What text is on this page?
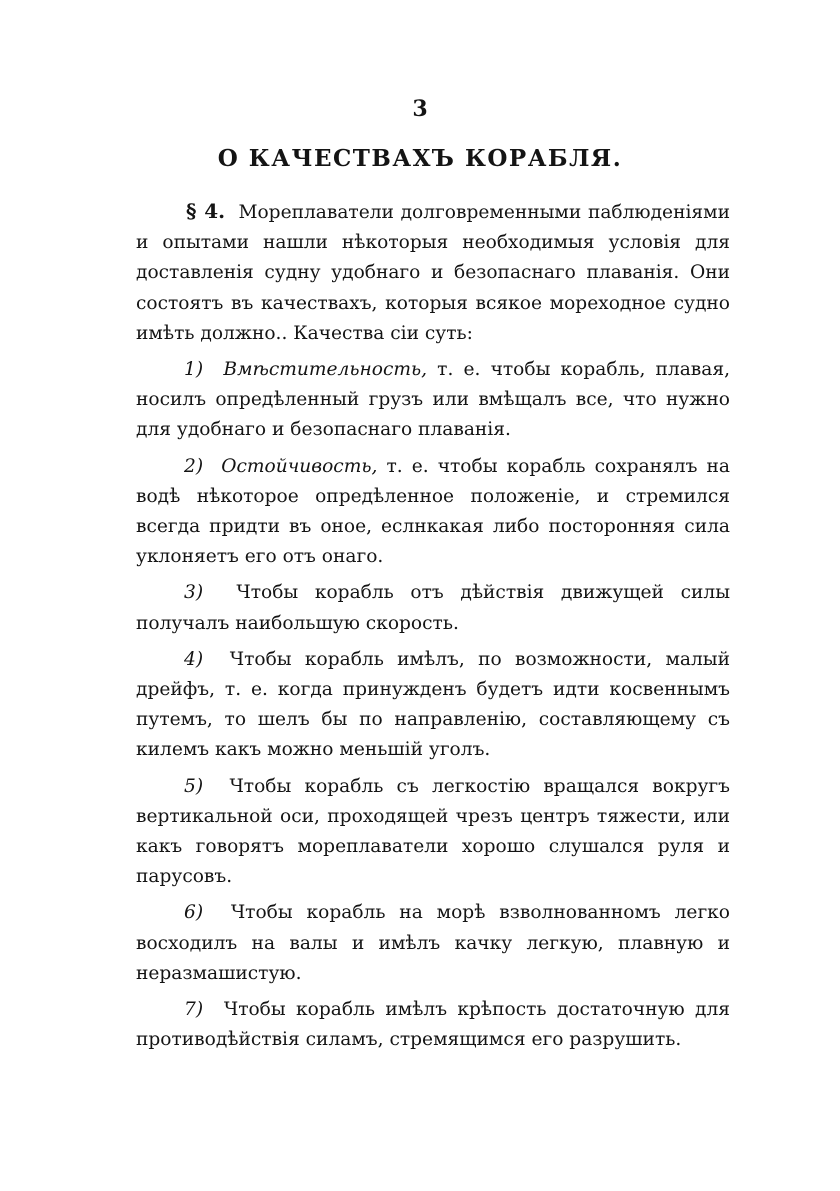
3
О КАЧЕСТВАХЪ КОРАБЛЯ.

§ 4. Мореплаватели долговременными паблюденіями и опытами нашли нѣкоторыя необходимыя условія для доставленія судну удобнаго и безопаснаго плаванія. Они состоятъ въ качествахъ, которыя всякое мореходное судно имѣть должно.. Качества сіи суть:

1) Вмѣстительность, т. е. чтобы корабль, плавая, носилъ опредѣленный грузъ или вмѣщалъ все, что нужно для удобнаго и безопаснаго плаванія.

2) Остойчивость, т. е. чтобы корабль сохранялъ на водѣ нѣкоторое опредѣленное положеніе, и стремился всегда придти въ оное, еслнкакая либо посторонняя сила уклоняетъ его отъ онаго.

3) Чтобы корабль отъ дѣйствія движущей силы получалъ наибольшую скорость.

4) Чтобы корабль имѣлъ, по возможности, малый дрейфъ, т. е. когда принужденъ будетъ идти косвеннымъ путемъ, то шелъ бы по направленію, составляющему съ килемъ какъ можно меньшій уголъ.

5) Чтобы корабль съ легкостію вращался вокругъ вертикальной оси, проходящей чрезъ центръ тяжести, или какъ говорятъ мореплаватели хорошо слушался руля и парусовъ.

6) Чтобы корабль на морѣ взволнованномъ легко восходилъ на валы и имѣлъ качку легкую, плавную и неразмашистую.

7) Чтобы корабль имѣлъ крѣпость достаточную для противодѣйствія силамъ, стремящимся его разрушить.
